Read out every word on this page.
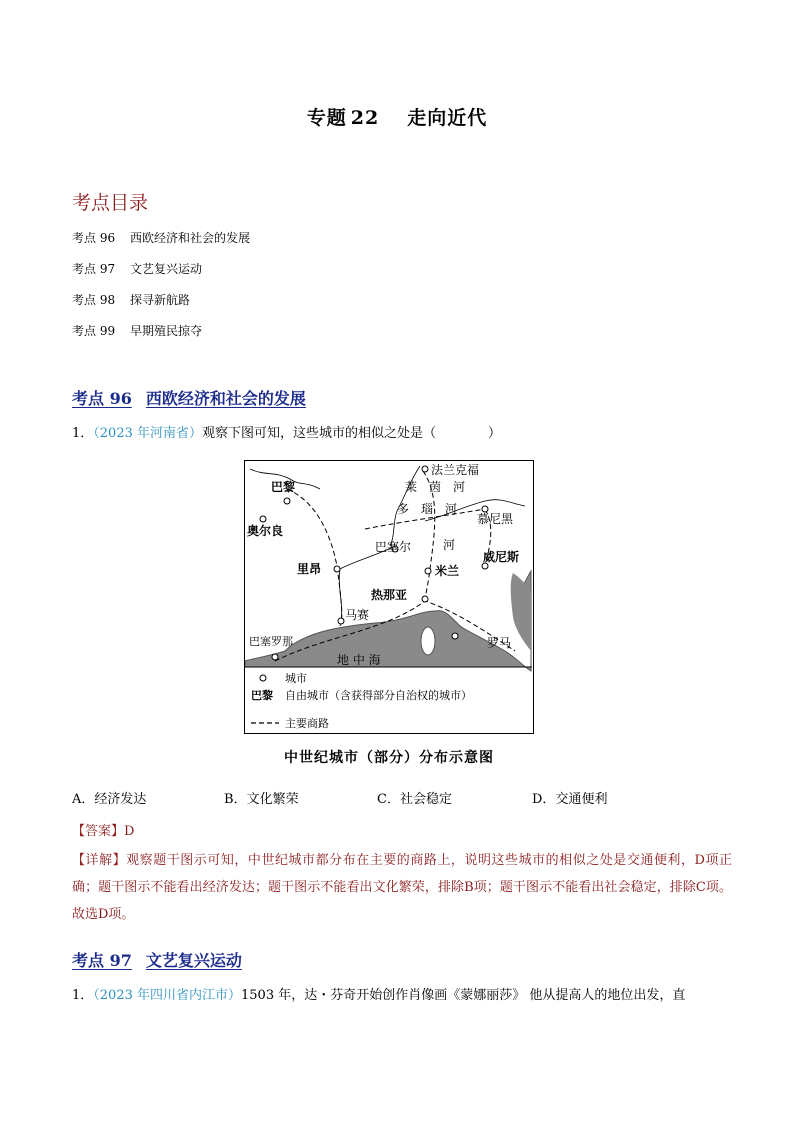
专题 22 走向近代
考点目录
考点 96 西欧经济和社会的发展
考点 97 文艺复兴运动
考点 98 探寻新航路
考点 99 早期殖民掠夺
考点 96 西欧经济和社会的发展
1．（2023 年河南省）观察下图可知，这些城市的相似之处是（　　　　）
法兰克福
巴黎
奥尔良
莱　茵　河
多　瑙　河
慕尼黑
巴塞尔	河
里昂	米兰
威尼斯
热那亚
马赛
巴塞罗那	罗马
地 中 海
城市
巴黎 自由城市（含获得部分自治权的城市）
主要商路
中世纪城市（部分）分布示意图
A．经济发达	B．文化繁荣	C．社会稳定	D．交通便利
【答案】D
【详解】观察题干图示可知，中世纪城市都分布在主要的商路上，说明这些城市的相似之处是交通便利，D项正确；题干图示不能看出经济发达；题干图示不能看出文化繁荣，排除B项；题干图示不能看出社会稳定，排除C项。故选D项。
考点 97 文艺复兴运动
1．（2023 年四川省内江市）1503 年，达・芬奇开始创作肖像画《蒙娜丽莎》 他从提高人的地位出发，直
